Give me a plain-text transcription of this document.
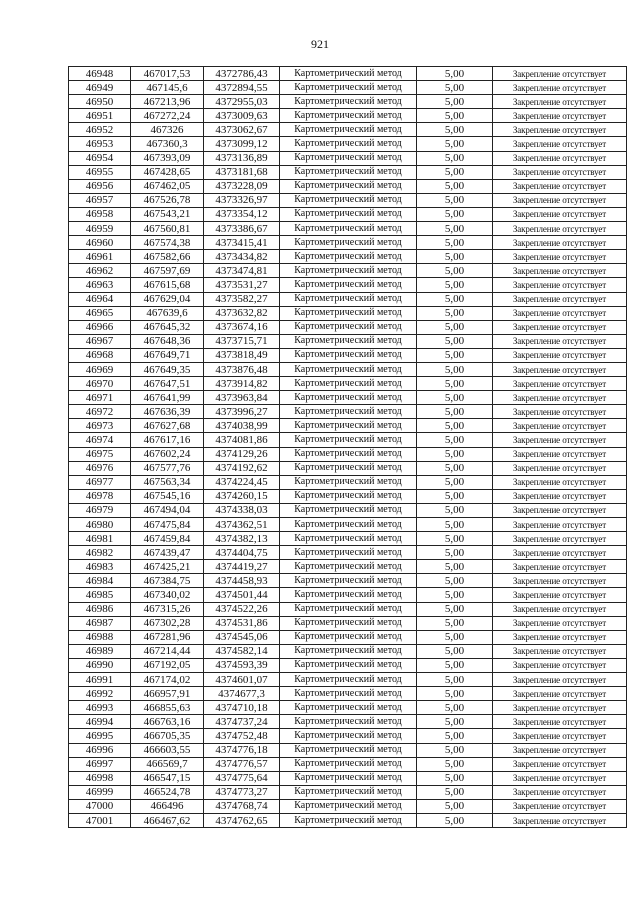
921
46948	467017,53	4372786,43	Картометрический метод	5,00	Закрепление отсутствует
46949	467145,6	4372894,55	Картометрический метод	5,00	Закрепление отсутствует
46950	467213,96	4372955,03	Картометрический метод	5,00	Закрепление отсутствует
46951	467272,24	4373009,63	Картометрический метод	5,00	Закрепление отсутствует
46952	467326	4373062,67	Картометрический метод	5,00	Закрепление отсутствует
46953	467360,3	4373099,12	Картометрический метод	5,00	Закрепление отсутствует
46954	467393,09	4373136,89	Картометрический метод	5,00	Закрепление отсутствует
46955	467428,65	4373181,68	Картометрический метод	5,00	Закрепление отсутствует
46956	467462,05	4373228,09	Картометрический метод	5,00	Закрепление отсутствует
46957	467526,78	4373326,97	Картометрический метод	5,00	Закрепление отсутствует
46958	467543,21	4373354,12	Картометрический метод	5,00	Закрепление отсутствует
46959	467560,81	4373386,67	Картометрический метод	5,00	Закрепление отсутствует
46960	467574,38	4373415,41	Картометрический метод	5,00	Закрепление отсутствует
46961	467582,66	4373434,82	Картометрический метод	5,00	Закрепление отсутствует
46962	467597,69	4373474,81	Картометрический метод	5,00	Закрепление отсутствует
46963	467615,68	4373531,27	Картометрический метод	5,00	Закрепление отсутствует
46964	467629,04	4373582,27	Картометрический метод	5,00	Закрепление отсутствует
46965	467639,6	4373632,82	Картометрический метод	5,00	Закрепление отсутствует
46966	467645,32	4373674,16	Картометрический метод	5,00	Закрепление отсутствует
46967	467648,36	4373715,71	Картометрический метод	5,00	Закрепление отсутствует
46968	467649,71	4373818,49	Картометрический метод	5,00	Закрепление отсутствует
46969	467649,35	4373876,48	Картометрический метод	5,00	Закрепление отсутствует
46970	467647,51	4373914,82	Картометрический метод	5,00	Закрепление отсутствует
46971	467641,99	4373963,84	Картометрический метод	5,00	Закрепление отсутствует
46972	467636,39	4373996,27	Картометрический метод	5,00	Закрепление отсутствует
46973	467627,68	4374038,99	Картометрический метод	5,00	Закрепление отсутствует
46974	467617,16	4374081,86	Картометрический метод	5,00	Закрепление отсутствует
46975	467602,24	4374129,26	Картометрический метод	5,00	Закрепление отсутствует
46976	467577,76	4374192,62	Картометрический метод	5,00	Закрепление отсутствует
46977	467563,34	4374224,45	Картометрический метод	5,00	Закрепление отсутствует
46978	467545,16	4374260,15	Картометрический метод	5,00	Закрепление отсутствует
46979	467494,04	4374338,03	Картометрический метод	5,00	Закрепление отсутствует
46980	467475,84	4374362,51	Картометрический метод	5,00	Закрепление отсутствует
46981	467459,84	4374382,13	Картометрический метод	5,00	Закрепление отсутствует
46982	467439,47	4374404,75	Картометрический метод	5,00	Закрепление отсутствует
46983	467425,21	4374419,27	Картометрический метод	5,00	Закрепление отсутствует
46984	467384,75	4374458,93	Картометрический метод	5,00	Закрепление отсутствует
46985	467340,02	4374501,44	Картометрический метод	5,00	Закрепление отсутствует
46986	467315,26	4374522,26	Картометрический метод	5,00	Закрепление отсутствует
46987	467302,28	4374531,86	Картометрический метод	5,00	Закрепление отсутствует
46988	467281,96	4374545,06	Картометрический метод	5,00	Закрепление отсутствует
46989	467214,44	4374582,14	Картометрический метод	5,00	Закрепление отсутствует
46990	467192,05	4374593,39	Картометрический метод	5,00	Закрепление отсутствует
46991	467174,02	4374601,07	Картометрический метод	5,00	Закрепление отсутствует
46992	466957,91	4374677,3	Картометрический метод	5,00	Закрепление отсутствует
46993	466855,63	4374710,18	Картометрический метод	5,00	Закрепление отсутствует
46994	466763,16	4374737,24	Картометрический метод	5,00	Закрепление отсутствует
46995	466705,35	4374752,48	Картометрический метод	5,00	Закрепление отсутствует
46996	466603,55	4374776,18	Картометрический метод	5,00	Закрепление отсутствует
46997	466569,7	4374776,57	Картометрический метод	5,00	Закрепление отсутствует
46998	466547,15	4374775,64	Картометрический метод	5,00	Закрепление отсутствует
46999	466524,78	4374773,27	Картометрический метод	5,00	Закрепление отсутствует
47000	466496	4374768,74	Картометрический метод	5,00	Закрепление отсутствует
47001	466467,62	4374762,65	Картометрический метод	5,00	Закрепление отсутствует
